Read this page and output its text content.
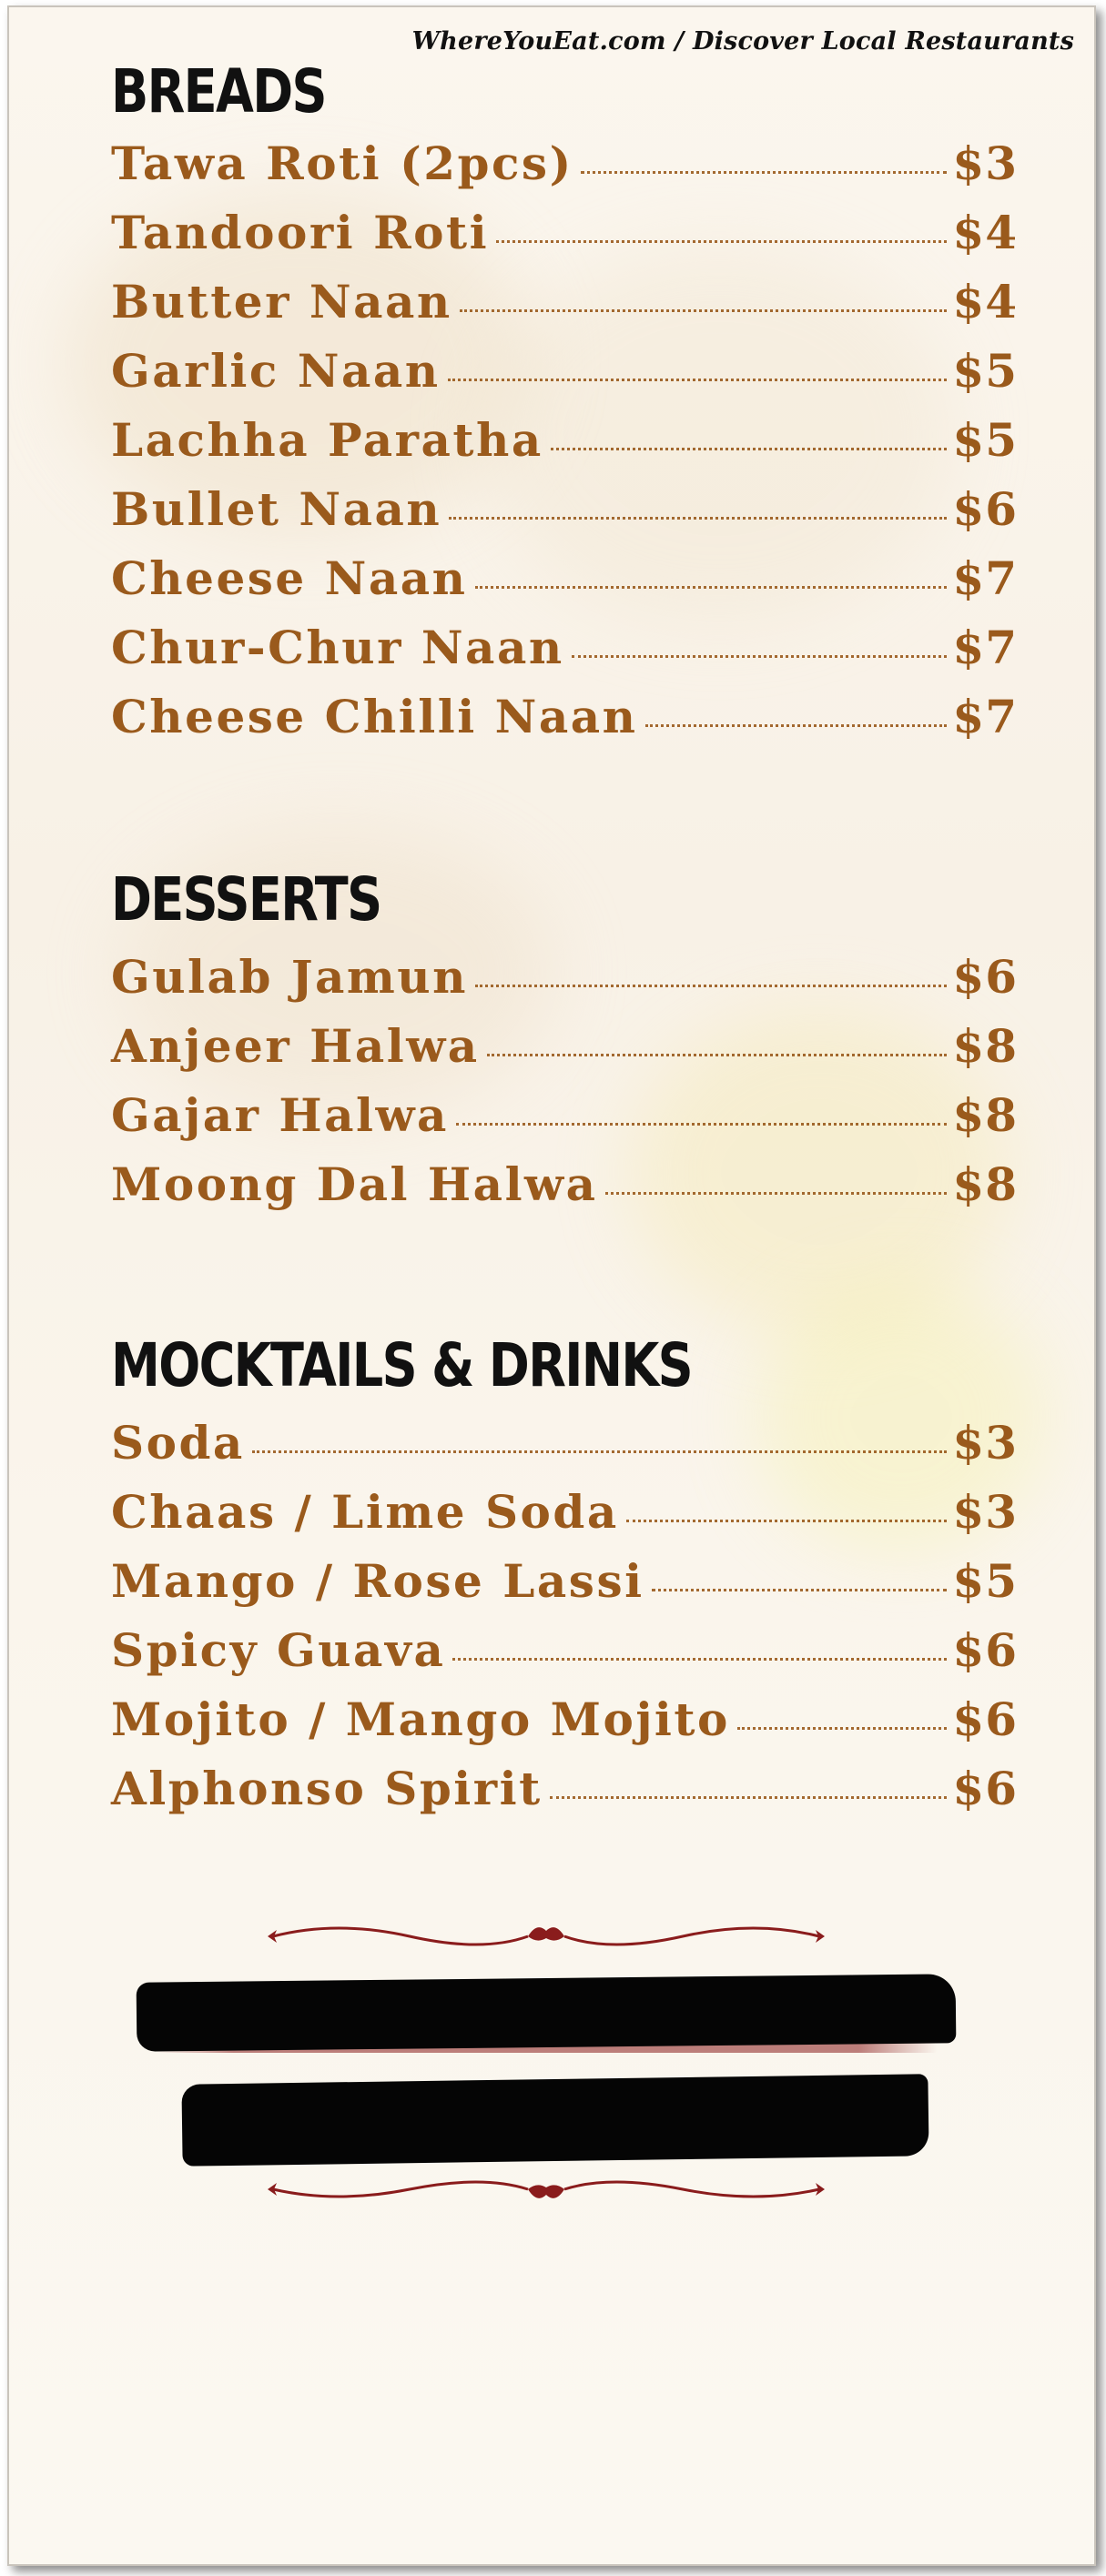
WhereYouEat.com / Discover Local Restaurants
BREADS
Tawa Roti (2pcs)	$3
Tandoori Roti	$4
Butter Naan	$4
Garlic Naan	$5
Lachha Paratha	$5
Bullet Naan	$6
Cheese Naan	$7
Chur-Chur Naan	$7
Cheese Chilli Naan	$7
DESSERTS
Gulab Jamun	$6
Anjeer Halwa	$8
Gajar Halwa	$8
Moong Dal Halwa	$8
MOCKTAILS & DRINKS
Soda	$3
Chaas / Lime Soda	$3
Mango / Rose Lassi	$5
Spicy Guava	$6
Mojito / Mango Mojito	$6
Alphonso Spirit	$6
